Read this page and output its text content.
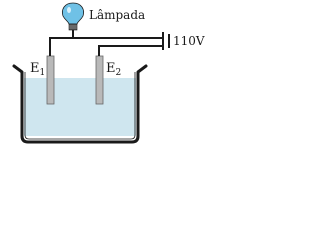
Lâmpada
110V
$E_1$	$E_2$
